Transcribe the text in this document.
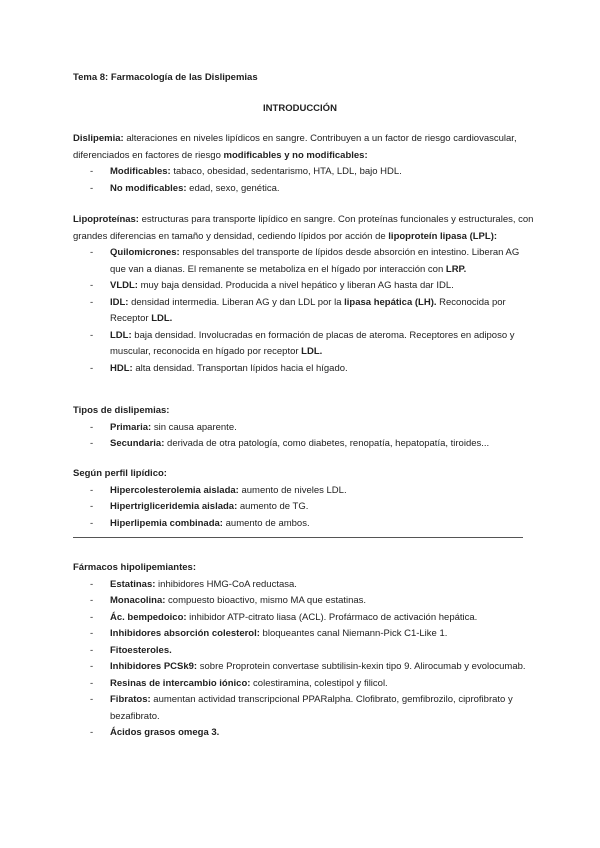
Tema 8: Farmacología de las Dislipemias
INTRODUCCIÓN

Dislipemia: alteraciones en niveles lipídicos en sangre. Contribuyen a un factor de riesgo cardiovascular, diferenciados en factores de riesgo modificables y no modificables:

- Modificables: tabaco, obesidad, sedentarismo, HTA, LDL, bajo HDL.
- No modificables: edad, sexo, genética.

Lipoproteínas: estructuras para transporte lipídico en sangre. Con proteínas funcionales y estructurales, con grandes diferencias en tamaño y densidad, cediendo lípidos por acción de lipoproteín lipasa (LPL):

- Quilomicrones: responsables del transporte de lípidos desde absorción en intestino. Liberan AG que van a dianas. El remanente se metaboliza en el hígado por interacción con LRP.
- VLDL: muy baja densidad. Producida a nivel hepático y liberan AG hasta dar IDL.
- IDL: densidad intermedia. Liberan AG y dan LDL por la lipasa hepática (LH). Reconocida por Receptor LDL.
- LDL: baja densidad. Involucradas en formación de placas de ateroma. Receptores en adiposo y muscular, reconocida en hígado por receptor LDL.
- HDL: alta densidad. Transportan lípidos hacia el hígado.

Tipos de dislipemias:

- Primaria: sin causa aparente.
- Secundaria: derivada de otra patología, como diabetes, renopatía, hepatopatía, tiroides...

Según perfil lipídico:

- Hipercolesterolemia aislada: aumento de niveles LDL.
- Hipertrigliceridemia aislada: aumento de TG.
- Hiperlipemia combinada: aumento de ambos.

Fármacos hipolipemiantes:

- Estatinas: inhibidores HMG-CoA reductasa.
- Monacolina: compuesto bioactivo, mismo MA que estatinas.
- Ác. bempedoico: inhibidor ATP-citrato liasa (ACL). Profármaco de activación hepática.
- Inhibidores absorción colesterol: bloqueantes canal Niemann-Pick C1-Like 1.
- Fitoesteroles.
- Inhibidores PCSk9: sobre Proprotein convertase subtilisin-kexin tipo 9. Alirocumab y evolocumab.
- Resinas de intercambio iónico: colestiramina, colestipol y filicol.
- Fibratos: aumentan actividad transcripcional PPARalpha. Clofibrato, gemfibrozilo, ciprofibrato y bezafibrato.
- Ácidos grasos omega 3.
